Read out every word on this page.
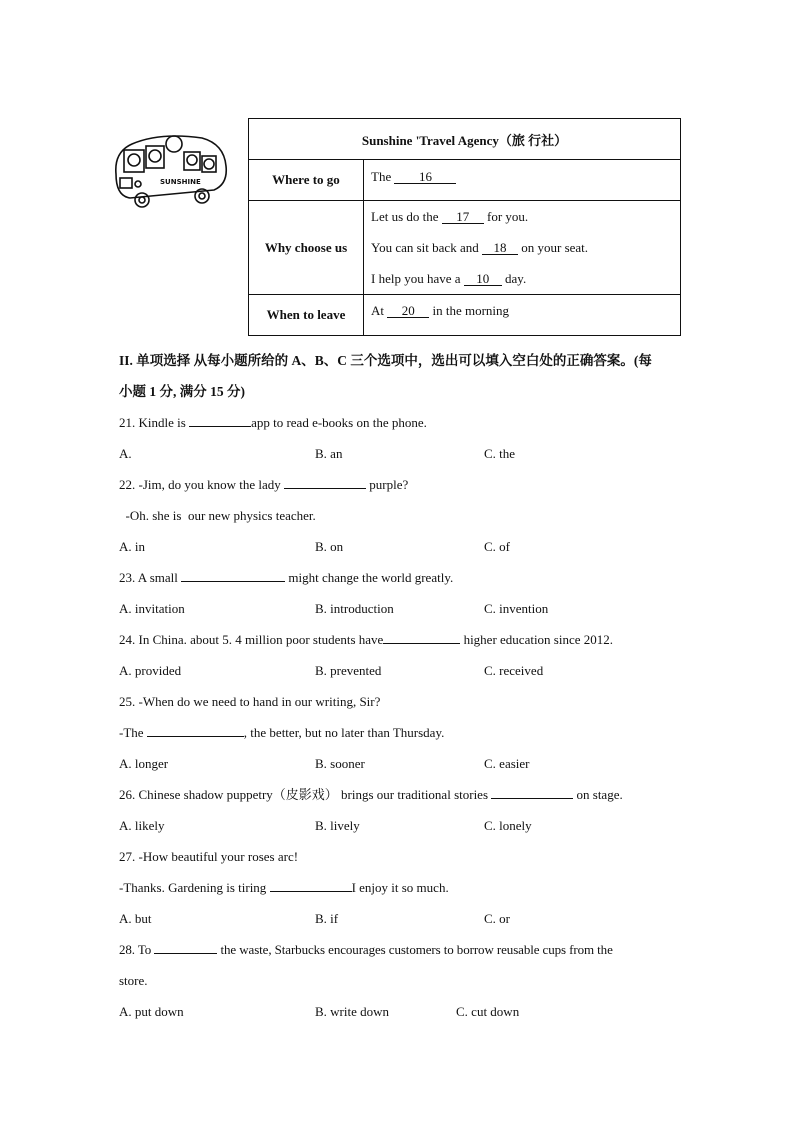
SUNSHINE
Sunshine 'Travel Agency（旅 行社）	
Where to go	The 16
Why choose us	Let us do the 17 for you.
You can sit back and 18 on your seat.
I help you have a 10 day.

When to leave	At 20 in the morning
II. 单项选择 从每小题所给的 A、B、C 三个选项中，选出可以填入空白处的正确答案。(每
小题 1 分, 满分 15 分)
21. Kindle is	app to read e-books on the phone.
A.	B. an	C. the
22. -Jim, do you know the lady	purple?
-Oh. she is  our new physics teacher.
A. in	B. on	C. of
23. A small	might change the world greatly.
A. invitation	B. introduction	C. invention
24. In China. about 5. 4 million poor students have	higher education since 2012.
A. provided	B. prevented	C. received
25. -When do we need to hand in our writing, Sir?
-The	, the better, but no later than Thursday.
A. longer	B. sooner	C. easier
26. Chinese shadow puppetry（皮影戏） brings our traditional stories	on stage.
A. likely	B. lively	C. lonely
27. -How beautiful your roses arc!
-Thanks. Gardening is tiring	I enjoy it so much.
A. but	B. if	C. or
28. To	the waste, Starbucks encourages customers to borrow reusable cups from the
store.
A. put down	B. write down	C. cut down
